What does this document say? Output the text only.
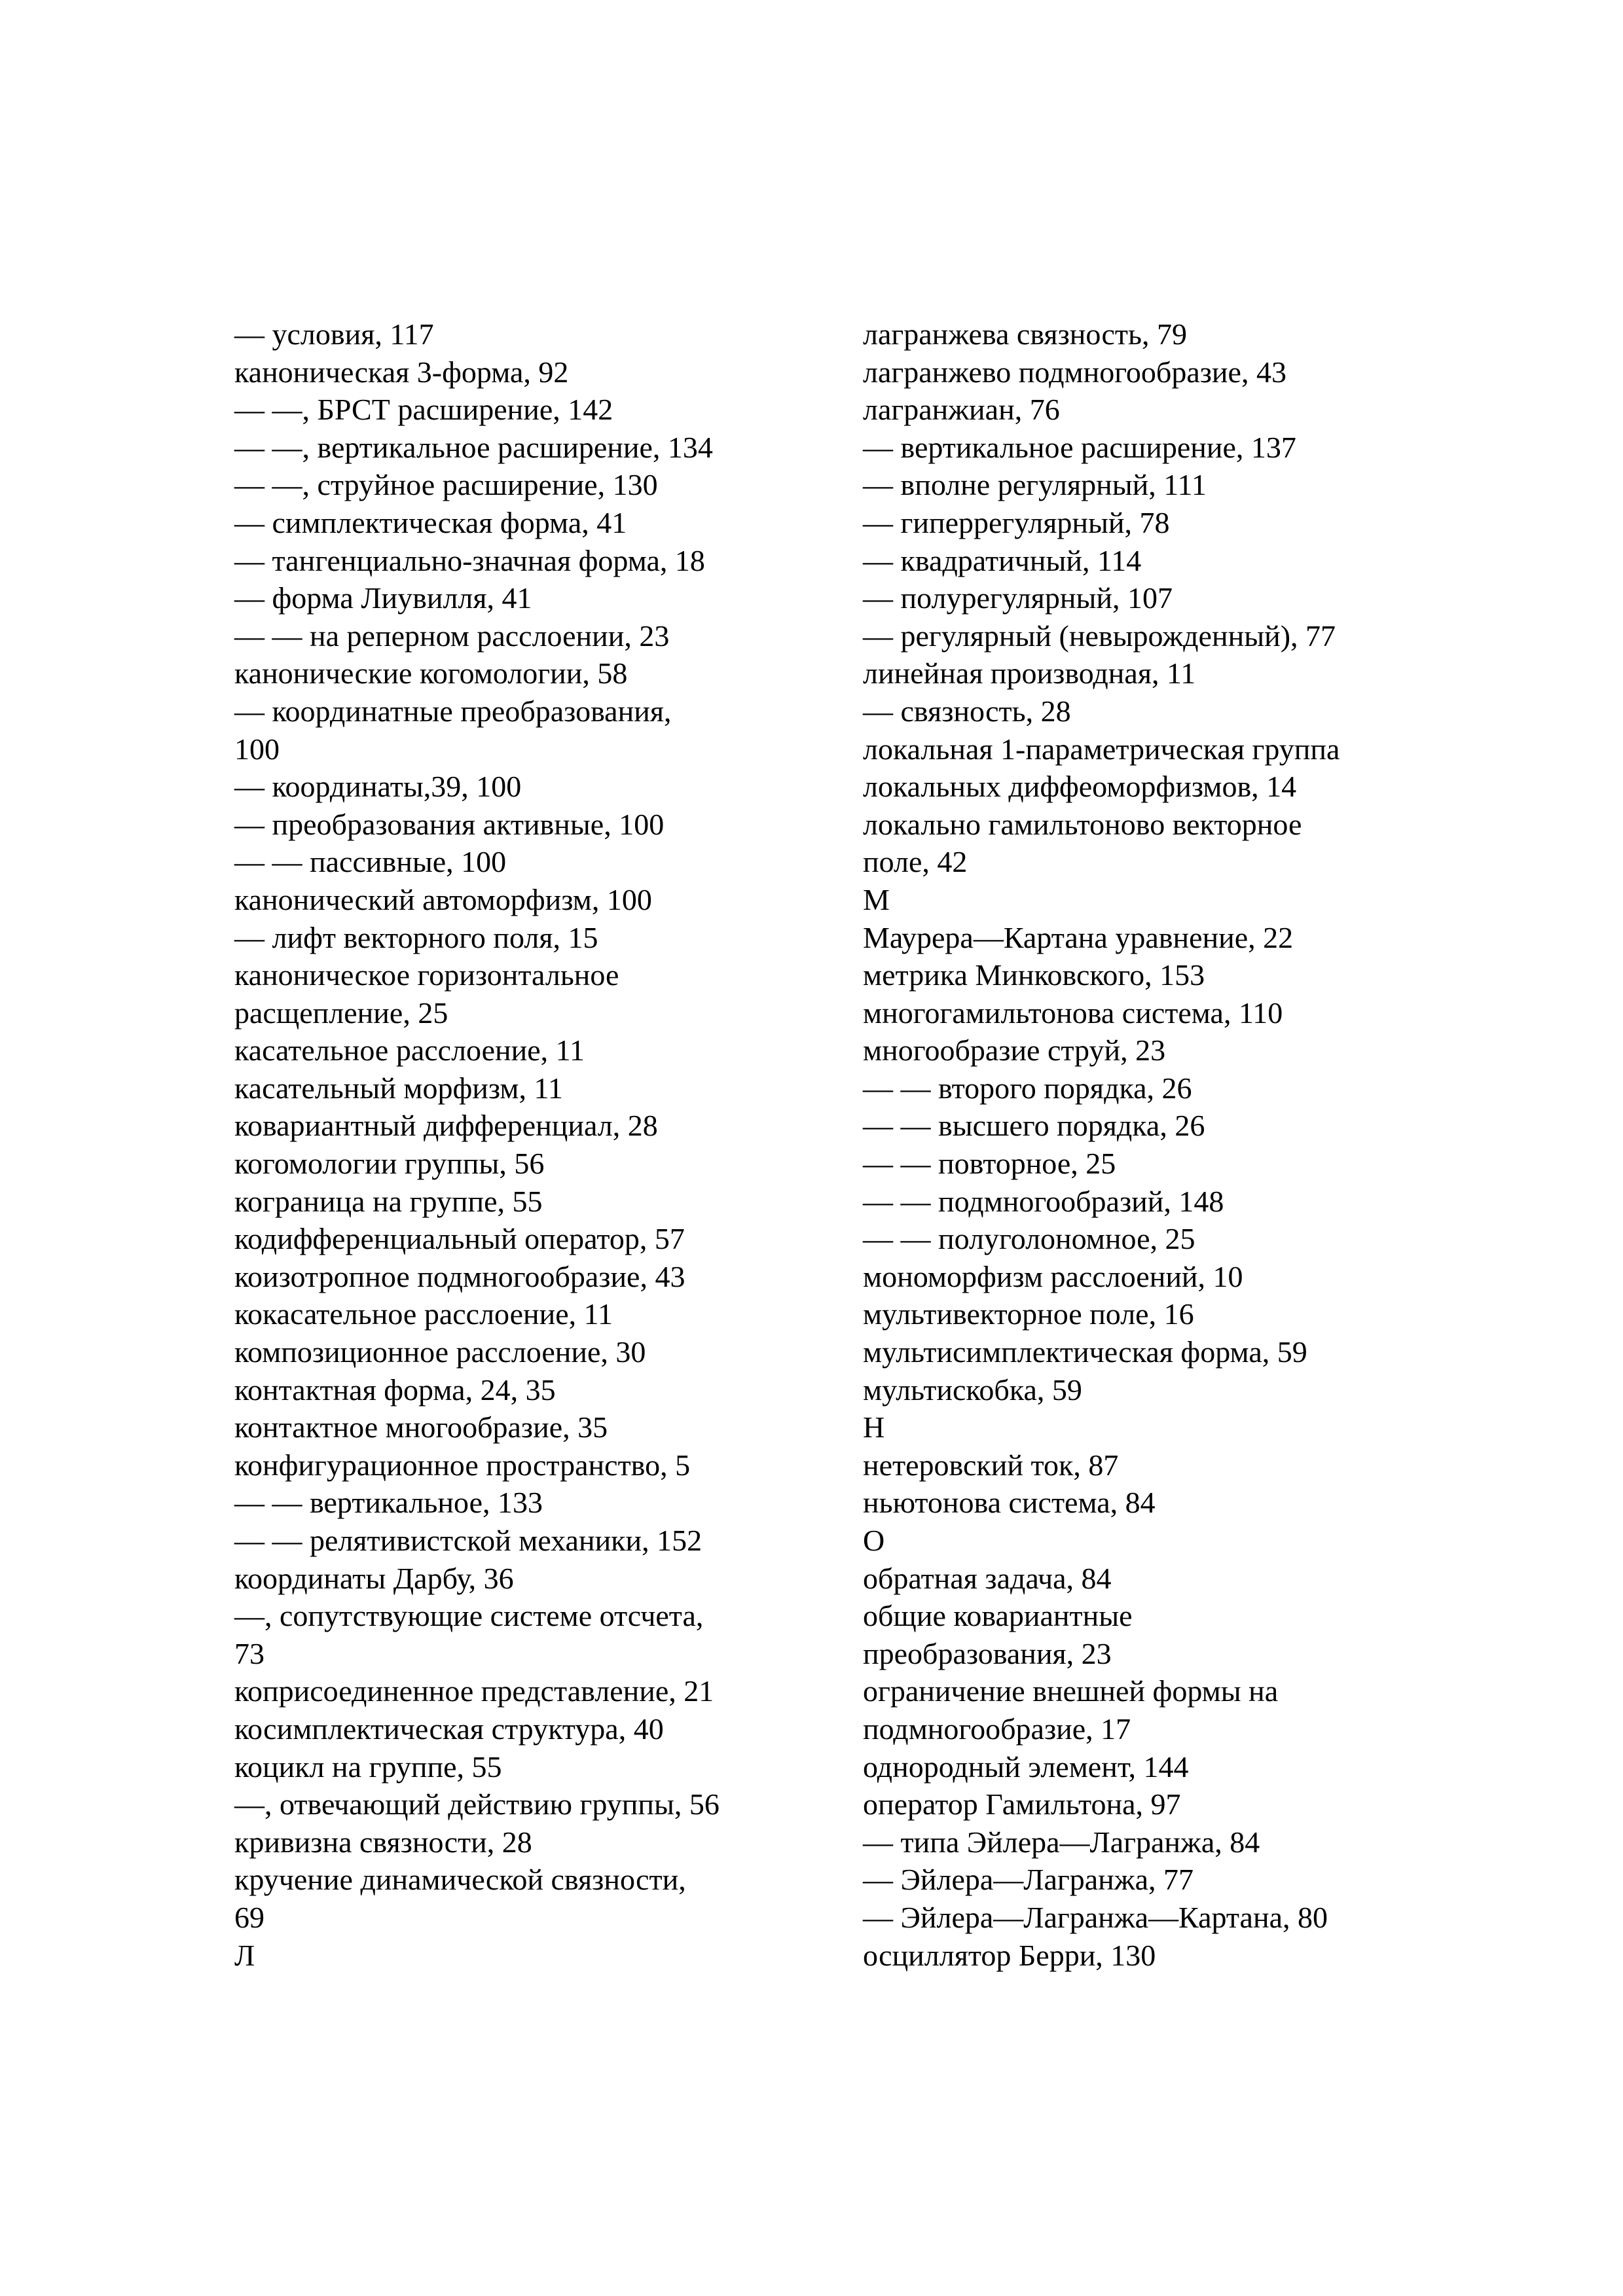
— условия, 117
каноническая 3-форма, 92
— —, БРСТ расширение, 142
— —, вертикальное расширение, 134
— —, струйное расширение, 130
— симплектическая форма, 41
— тангенциально-значная форма, 18
— форма Лиувилля, 41
— — на реперном расслоении, 23
канонические когомологии, 58
— координатные преобразования,
100
— координаты,39, 100
— преобразования активные, 100
— — пассивные, 100
канонический автоморфизм, 100
— лифт векторного поля, 15
каноническое горизонтальное
расщепление, 25
касательное расслоение, 11
касательный морфизм, 11
ковариантный дифференциал, 28
когомологии группы, 56
кограница на группе, 55
кодифференциальный оператор, 57
коизотропное подмногообразие, 43
кокасательное расслоение, 11
композиционное расслоение, 30
контактная форма, 24, 35
контактное многообразие, 35
конфигурационное пространство, 5
— — вертикальное, 133
— — релятивистской механики, 152
координаты Дарбу, 36
—, сопутствующие системе отсчета,
73
коприсоединенное представление, 21
косимплектическая структура, 40
коцикл на группе, 55
—, отвечающий действию группы, 56
кривизна связности, 28
кручение динамической связности,
69
Л
лагранжева связность, 79
лагранжево подмногообразие, 43
лагранжиан, 76
— вертикальное расширение, 137
— вполне регулярный, 111
— гиперрегулярный, 78
— квадратичный, 114
— полурегулярный, 107
— регулярный (невырожденный), 77
линейная производная, 11
— связность, 28
локальная 1-параметрическая группа
локальных диффеоморфизмов, 14
локально гамильтоново векторное
поле, 42
М
Маурера—Картана уравнение, 22
метрика Минковского, 153
многогамильтонова система, 110
многообразие струй, 23
— — второго порядка, 26
— — высшего порядка, 26
— — повторное, 25
— — подмногообразий, 148
— — полуголономное, 25
мономорфизм расслоений, 10
мультивекторное поле, 16
мультисимплектическая форма, 59
мультискобка, 59
Н
нетеровский ток, 87
ньютонова система, 84
О
обратная задача, 84
общие ковариантные
преобразования, 23
ограничение внешней формы на
подмногообразие, 17
однородный элемент, 144
оператор Гамильтона, 97
— типа Эйлера—Лагранжа, 84
— Эйлера—Лагранжа, 77
— Эйлера—Лагранжа—Картана, 80
осциллятор Берри, 130
